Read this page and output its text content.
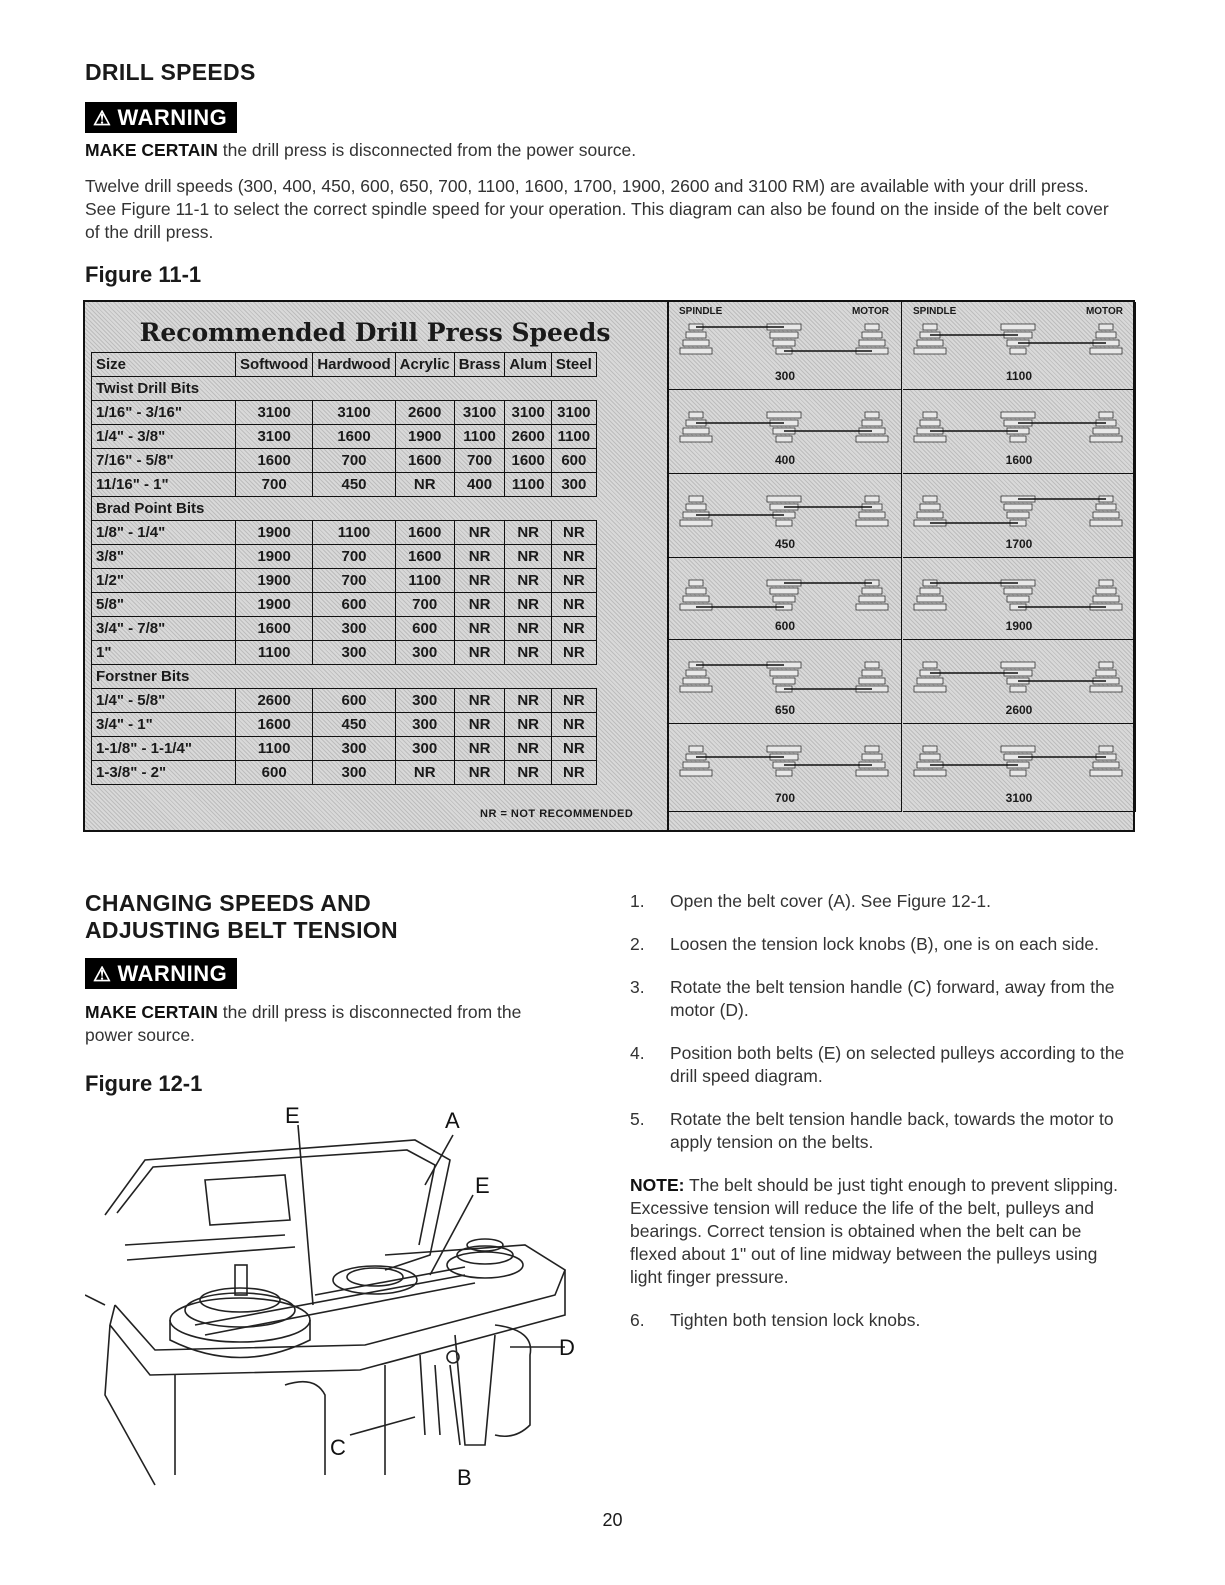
DRILL SPEEDS
⚠ WARNING

MAKE CERTAIN the drill press is disconnected from the power source.

Twelve drill speeds (300, 400, 450, 600, 650, 700, 1100, 1600, 1700, 1900, 2600 and 3100 RM) are available with your drill press. See Figure 11-1 to select the correct spindle speed for your operation. This diagram can also be found on the inside of the belt cover of the drill press.

Figure 11-1
Recommended Drill Press Speeds
Size	Softwood	Hardwood	Acrylic	Brass	Alum	Steel
Twist Drill Bits						
1/16" - 3/16"	3100	3100	2600	3100	3100	3100
1/4" - 3/8"	3100	1600	1900	1100	2600	1100
7/16" - 5/8"	1600	700	1600	700	1600	600
11/16" - 1"	700	450	NR	400	1100	300
Brad Point Bits						
1/8" - 1/4"	1900	1100	1600	NR	NR	NR
3/8"	1900	700	1600	NR	NR	NR
1/2"	1900	700	1100	NR	NR	NR
5/8"	1900	600	700	NR	NR	NR
3/4" - 7/8"	1600	300	600	NR	NR	NR
1"	1100	300	300	NR	NR	NR
Forstner Bits						
1/4" - 5/8"	2600	600	300	NR	NR	NR
3/4" - 1"	1600	450	300	NR	NR	NR
1-1/8" - 1-1/4"	1100	300	300	NR	NR	NR
1-3/8" - 2"	600	300	NR	NR	NR	NR
NR = NOT RECOMMENDED
SPINDLE	MOTOR
300
SPINDLE	MOTOR
1100
400	1600
450	1700
600	1900
650	2600
700	3100
CHANGING SPEEDS AND
ADJUSTING BELT TENSION
⚠ WARNING

MAKE CERTAIN the drill press is disconnected from the power source.

Figure 12-1
E	A
E
D
C
B
1.	Open the belt cover (A). See Figure 12-1.
2.	Loosen the tension lock knobs (B), one is on each side.
3.	Rotate the belt tension handle (C) forward, away from the motor (D).
4.	Position both belts (E) on selected pulleys according to the drill speed diagram.
5.	Rotate the belt tension handle back, towards the motor to apply tension on the belts.

NOTE: The belt should be just tight enough to prevent slipping. Excessive tension will reduce the life of the belt, pulleys and bearings. Correct tension is obtained when the belt can be flexed about 1" out of line midway between the pulleys using light finger pressure.

6.	Tighten both tension lock knobs.
20
